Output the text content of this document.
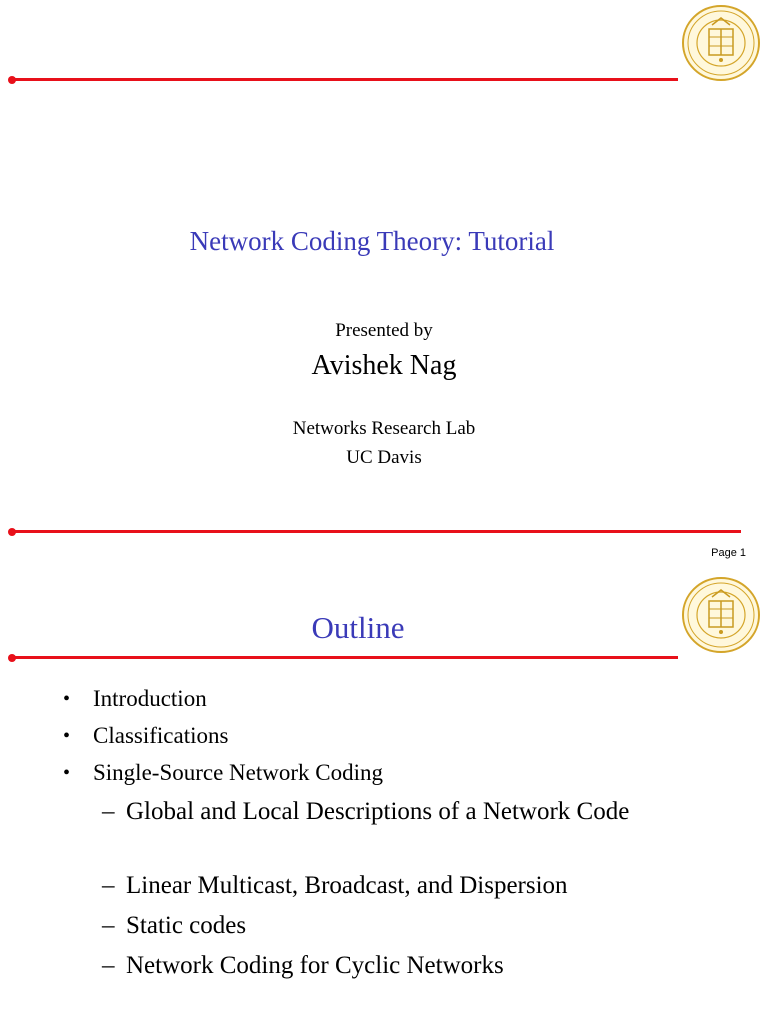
Network Coding Theory: Tutorial
Presented by
Avishek Nag
Networks Research Lab
UC Davis
Page 1
Outline
• Introduction
• Classifications
• Single-Source Network Coding
– Global and Local Descriptions of a Network Code
– Linear Multicast, Broadcast, and Dispersion
– Static codes
– Network Coding for Cyclic Networks
